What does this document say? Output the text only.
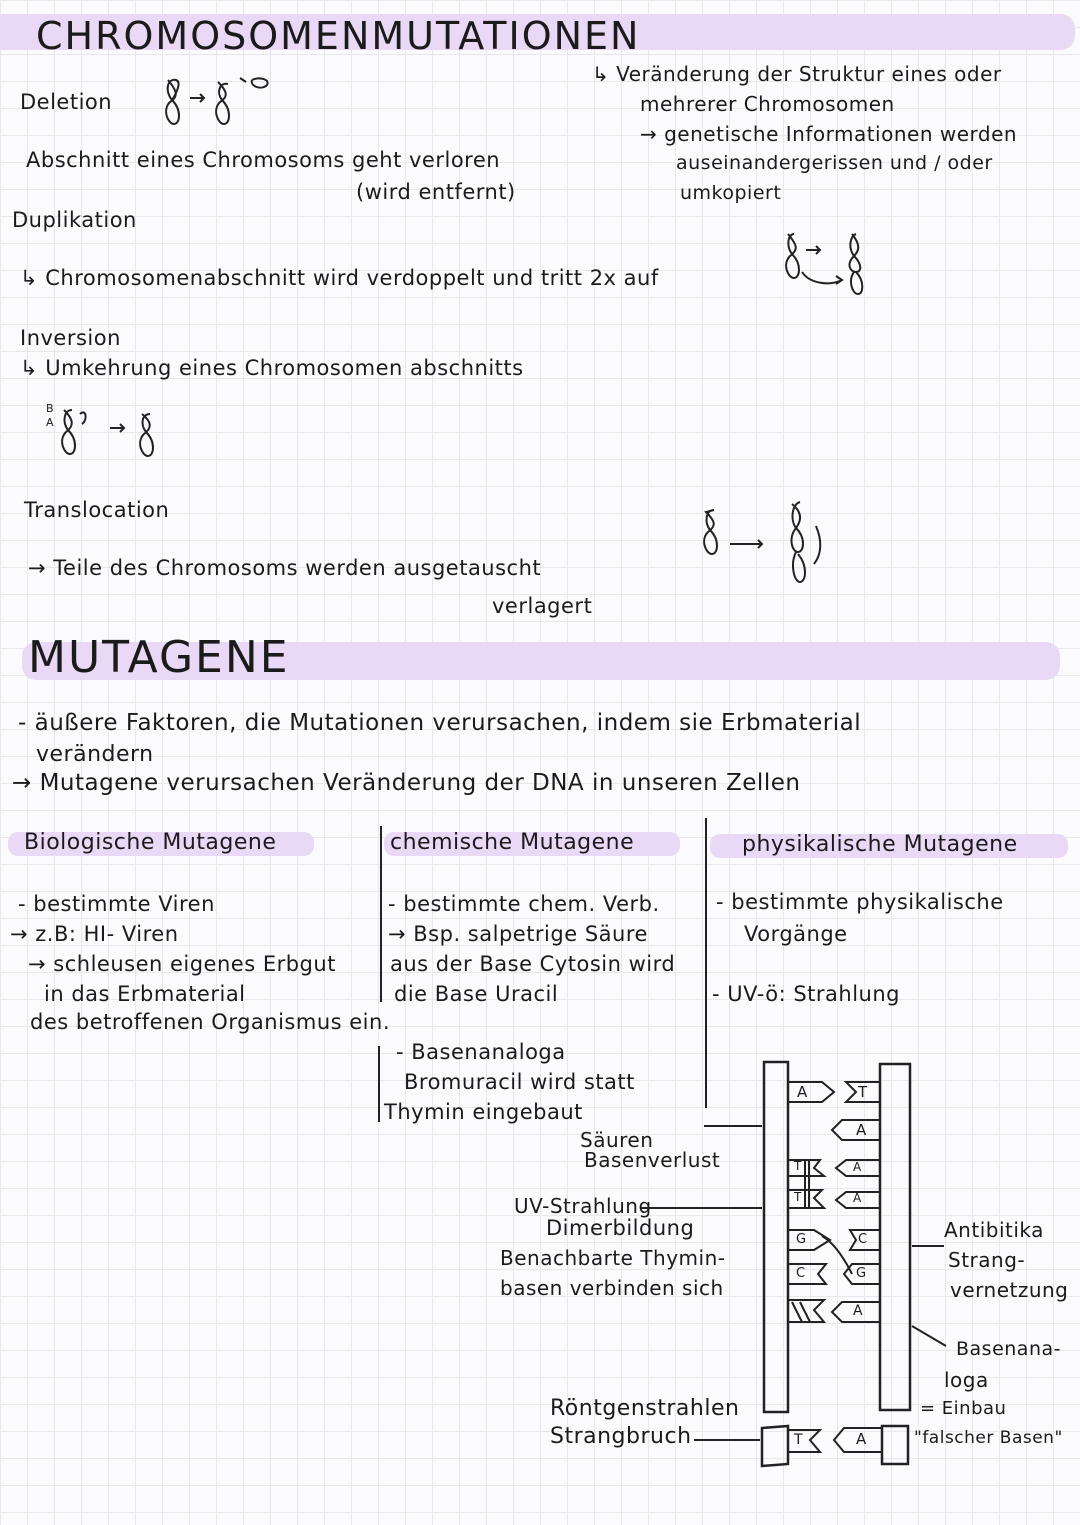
CHROMOSOMENMUTATIONEN
↳ Veränderung der Struktur eines oder
mehrerer Chromosomen
→ genetische Informationen werden
auseinandergerissen und / oder
umkopiert
Deletion
Abschnitt eines Chromosoms geht verloren
(wird entfernt)
Duplikation
↳ Chromosomenabschnitt wird verdoppelt und tritt 2x auf
Inversion
↳ Umkehrung eines Chromosomen abschnitts
B
A
Translocation
→ Teile des Chromosoms werden ausgetauscht
verlagert
MUTAGENE
- äußere Faktoren, die Mutationen verursachen, indem sie Erbmaterial
verändern
→ Mutagene verursachen Veränderung der DNA in unseren Zellen
Biologische Mutagene	chemische Mutagene	physikalische Mutagene
- bestimmte Viren
→ z.B: HI- Viren
→ schleusen eigenes Erbgut
in das Erbmaterial
des betroffenen Organismus ein.
- bestimmte chem. Verb.
→ Bsp. salpetrige Säure
aus der Base Cytosin wird
die Base Uracil
- Basenanaloga
Bromuracil wird statt
Thymin eingebaut
- bestimmte physikalische
Vorgänge
- UV-ö: Strahlung
A	T
A
T	A
T	A
G	C
C	G
A
T	A
Säuren
Basenverlust
UV-Strahlung
Dimerbildung
Benachbarte Thymin-
basen verbinden sich
Röntgenstrahlen
Strangbruch
Antibitika
Strang-
vernetzung
Basenana-
loga
= Einbau
"falscher Basen"
